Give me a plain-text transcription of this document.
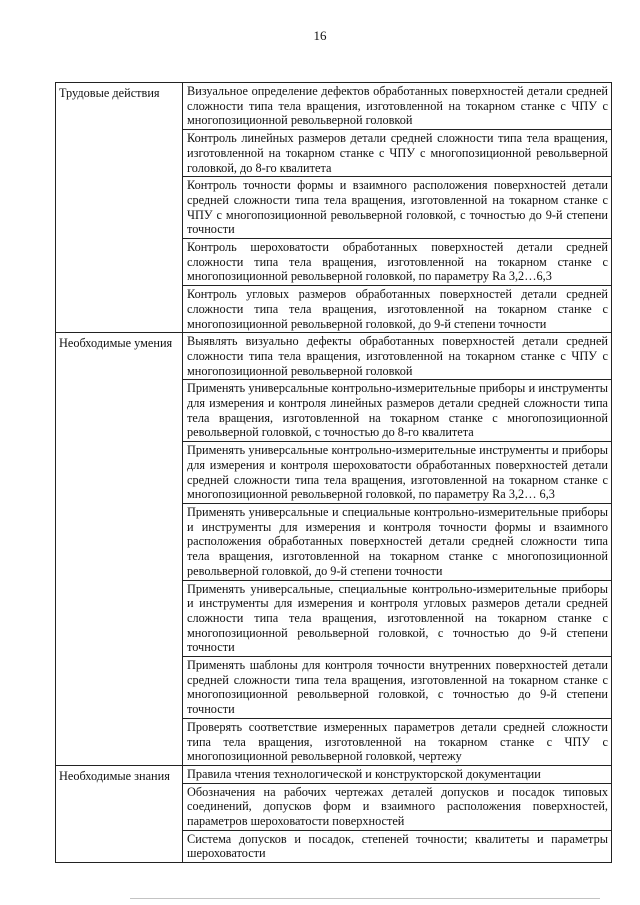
16
Трудовые действия	Визуальное определение дефектов обработанных поверхностей детали средней сложности типа тела вращения, изготовленной на токарном станке с ЧПУ с многопозиционной револьверной головкой
	Контроль линейных размеров детали средней сложности типа тела вращения, изготовленной на токарном станке с ЧПУ с многопозиционной револьверной головкой, до 8-го квалитета
	Контроль точности формы и взаимного расположения поверхностей детали средней сложности типа тела вращения, изготовленной на токарном станке с ЧПУ с многопозиционной револьверной головкой, с точностью до 9-й степени точности
	Контроль шероховатости обработанных поверхностей детали средней сложности типа тела вращения, изготовленной на токарном станке с многопозиционной револьверной головкой, по параметру Ra 3,2…6,3
	Контроль угловых размеров обработанных поверхностей детали средней сложности типа тела вращения, изготовленной на токарном станке с многопозиционной револьверной головкой, до 9-й степени точности
Необходимые умения	Выявлять визуально дефекты обработанных поверхностей детали средней сложности типа тела вращения, изготовленной на токарном станке с ЧПУ с многопозиционной револьверной головкой
	Применять универсальные контрольно-измерительные приборы и инструменты для измерения и контроля линейных размеров детали средней сложности типа тела вращения, изготовленной на токарном станке с многопозиционной револьверной головкой, с точностью до 8-го квалитета
	Применять универсальные контрольно-измерительные инструменты и приборы для измерения и контроля шероховатости обработанных поверхностей детали средней сложности типа тела вращения, изготовленной на токарном станке с многопозиционной револьверной головкой, по параметру Ra 3,2… 6,3
	Применять универсальные и специальные контрольно-измерительные приборы и инструменты для измерения и контроля точности формы и взаимного расположения обработанных поверхностей детали средней сложности типа тела вращения, изготовленной на токарном станке с многопозиционной револьверной головкой, до 9-й степени точности
	Применять универсальные, специальные контрольно-измерительные приборы и инструменты для измерения и контроля угловых размеров детали средней сложности типа тела вращения, изготовленной на токарном станке с многопозиционной револьверной головкой, с точностью до 9-й степени точности
	Применять шаблоны для контроля точности внутренних поверхностей детали средней сложности типа тела вращения, изготовленной на токарном станке с многопозиционной револьверной головкой, с точностью до 9-й степени точности
	Проверять соответствие измеренных параметров детали средней сложности типа тела вращения, изготовленной на токарном станке с ЧПУ с многопозиционной револьверной головкой, чертежу
Необходимые знания	Правила чтения технологической и конструкторской документации
	Обозначения на рабочих чертежах деталей допусков и посадок типовых соединений, допусков форм и взаимного расположения поверхностей, параметров шероховатости поверхностей
	Система допусков и посадок, степеней точности; квалитеты и параметры шероховатости
